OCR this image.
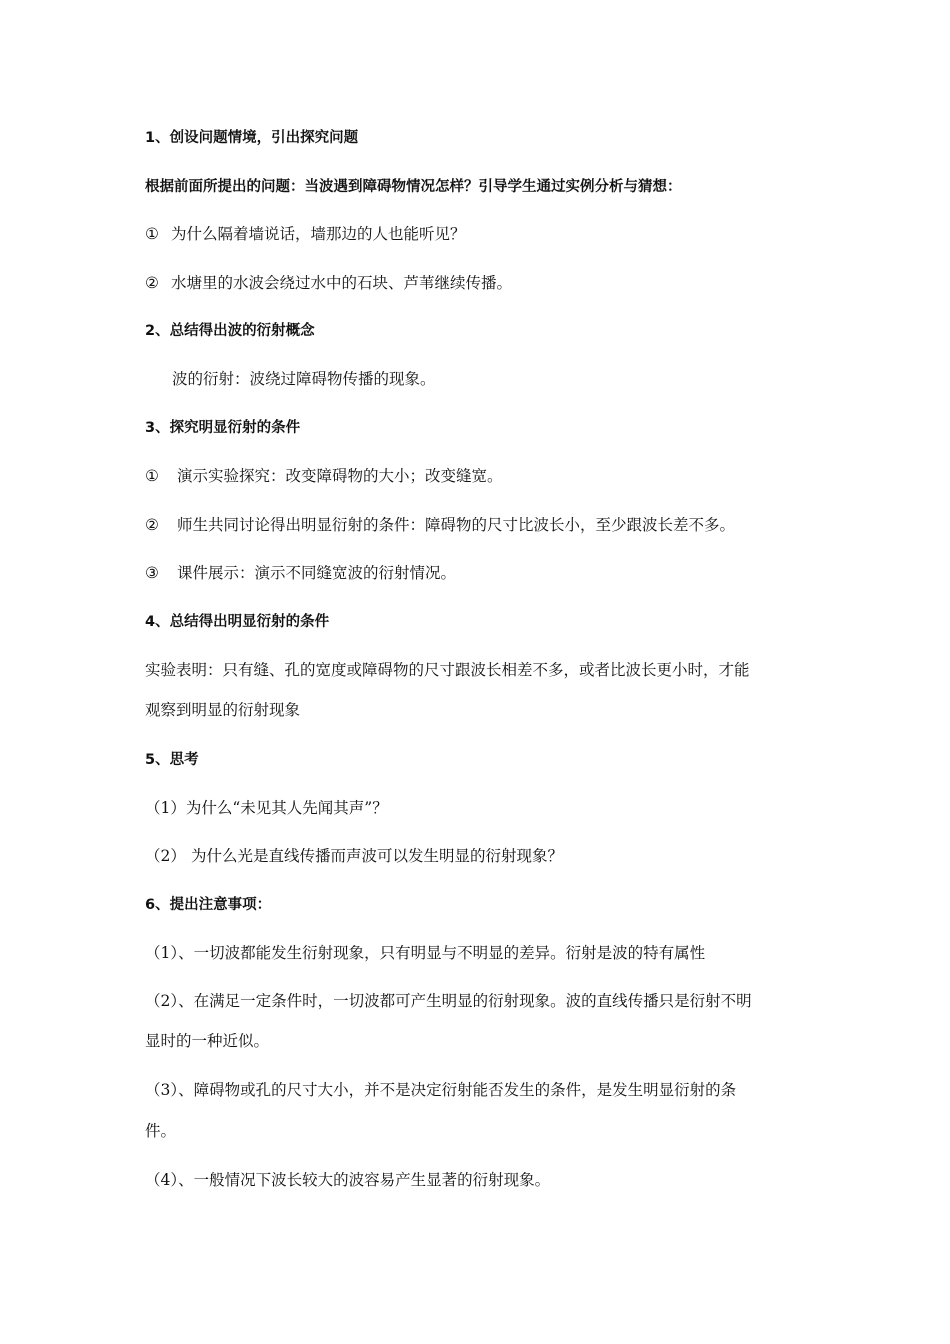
1、创设问题情境，引出探究问题
根据前面所提出的问题：当波遇到障碍物情况怎样？引导学生通过实例分析与猜想：
① 为什么隔着墙说话，墙那边的人也能听见？
② 水塘里的水波会绕过水中的石块、芦苇继续传播。
2、总结得出波的衍射概念
波的衍射：波绕过障碍物传播的现象。
3、探究明显衍射的条件
① 演示实验探究：改变障碍物的大小；改变缝宽。
② 师生共同讨论得出明显衍射的条件：障碍物的尺寸比波长小，至少跟波长差不多。
③ 课件展示：演示不同缝宽波的衍射情况。
4、总结得出明显衍射的条件
实验表明：只有缝、孔的宽度或障碍物的尺寸跟波长相差不多，或者比波长更小时，才能
观察到明显的衍射现象
5、思考
（1）为什么“未见其人先闻其声”？
（2） 为什么光是直线传播而声波可以发生明显的衍射现象？
6、提出注意事项：
（1）、一切波都能发生衍射现象，只有明显与不明显的差异。衍射是波的特有属性
（2）、在满足一定条件时，一切波都可产生明显的衍射现象。波的直线传播只是衍射不明
显时的一种近似。
（3）、障碍物或孔的尺寸大小，并不是决定衍射能否发生的条件，是发生明显衍射的条
件。
（4）、一般情况下波长较大的波容易产生显著的衍射现象。
